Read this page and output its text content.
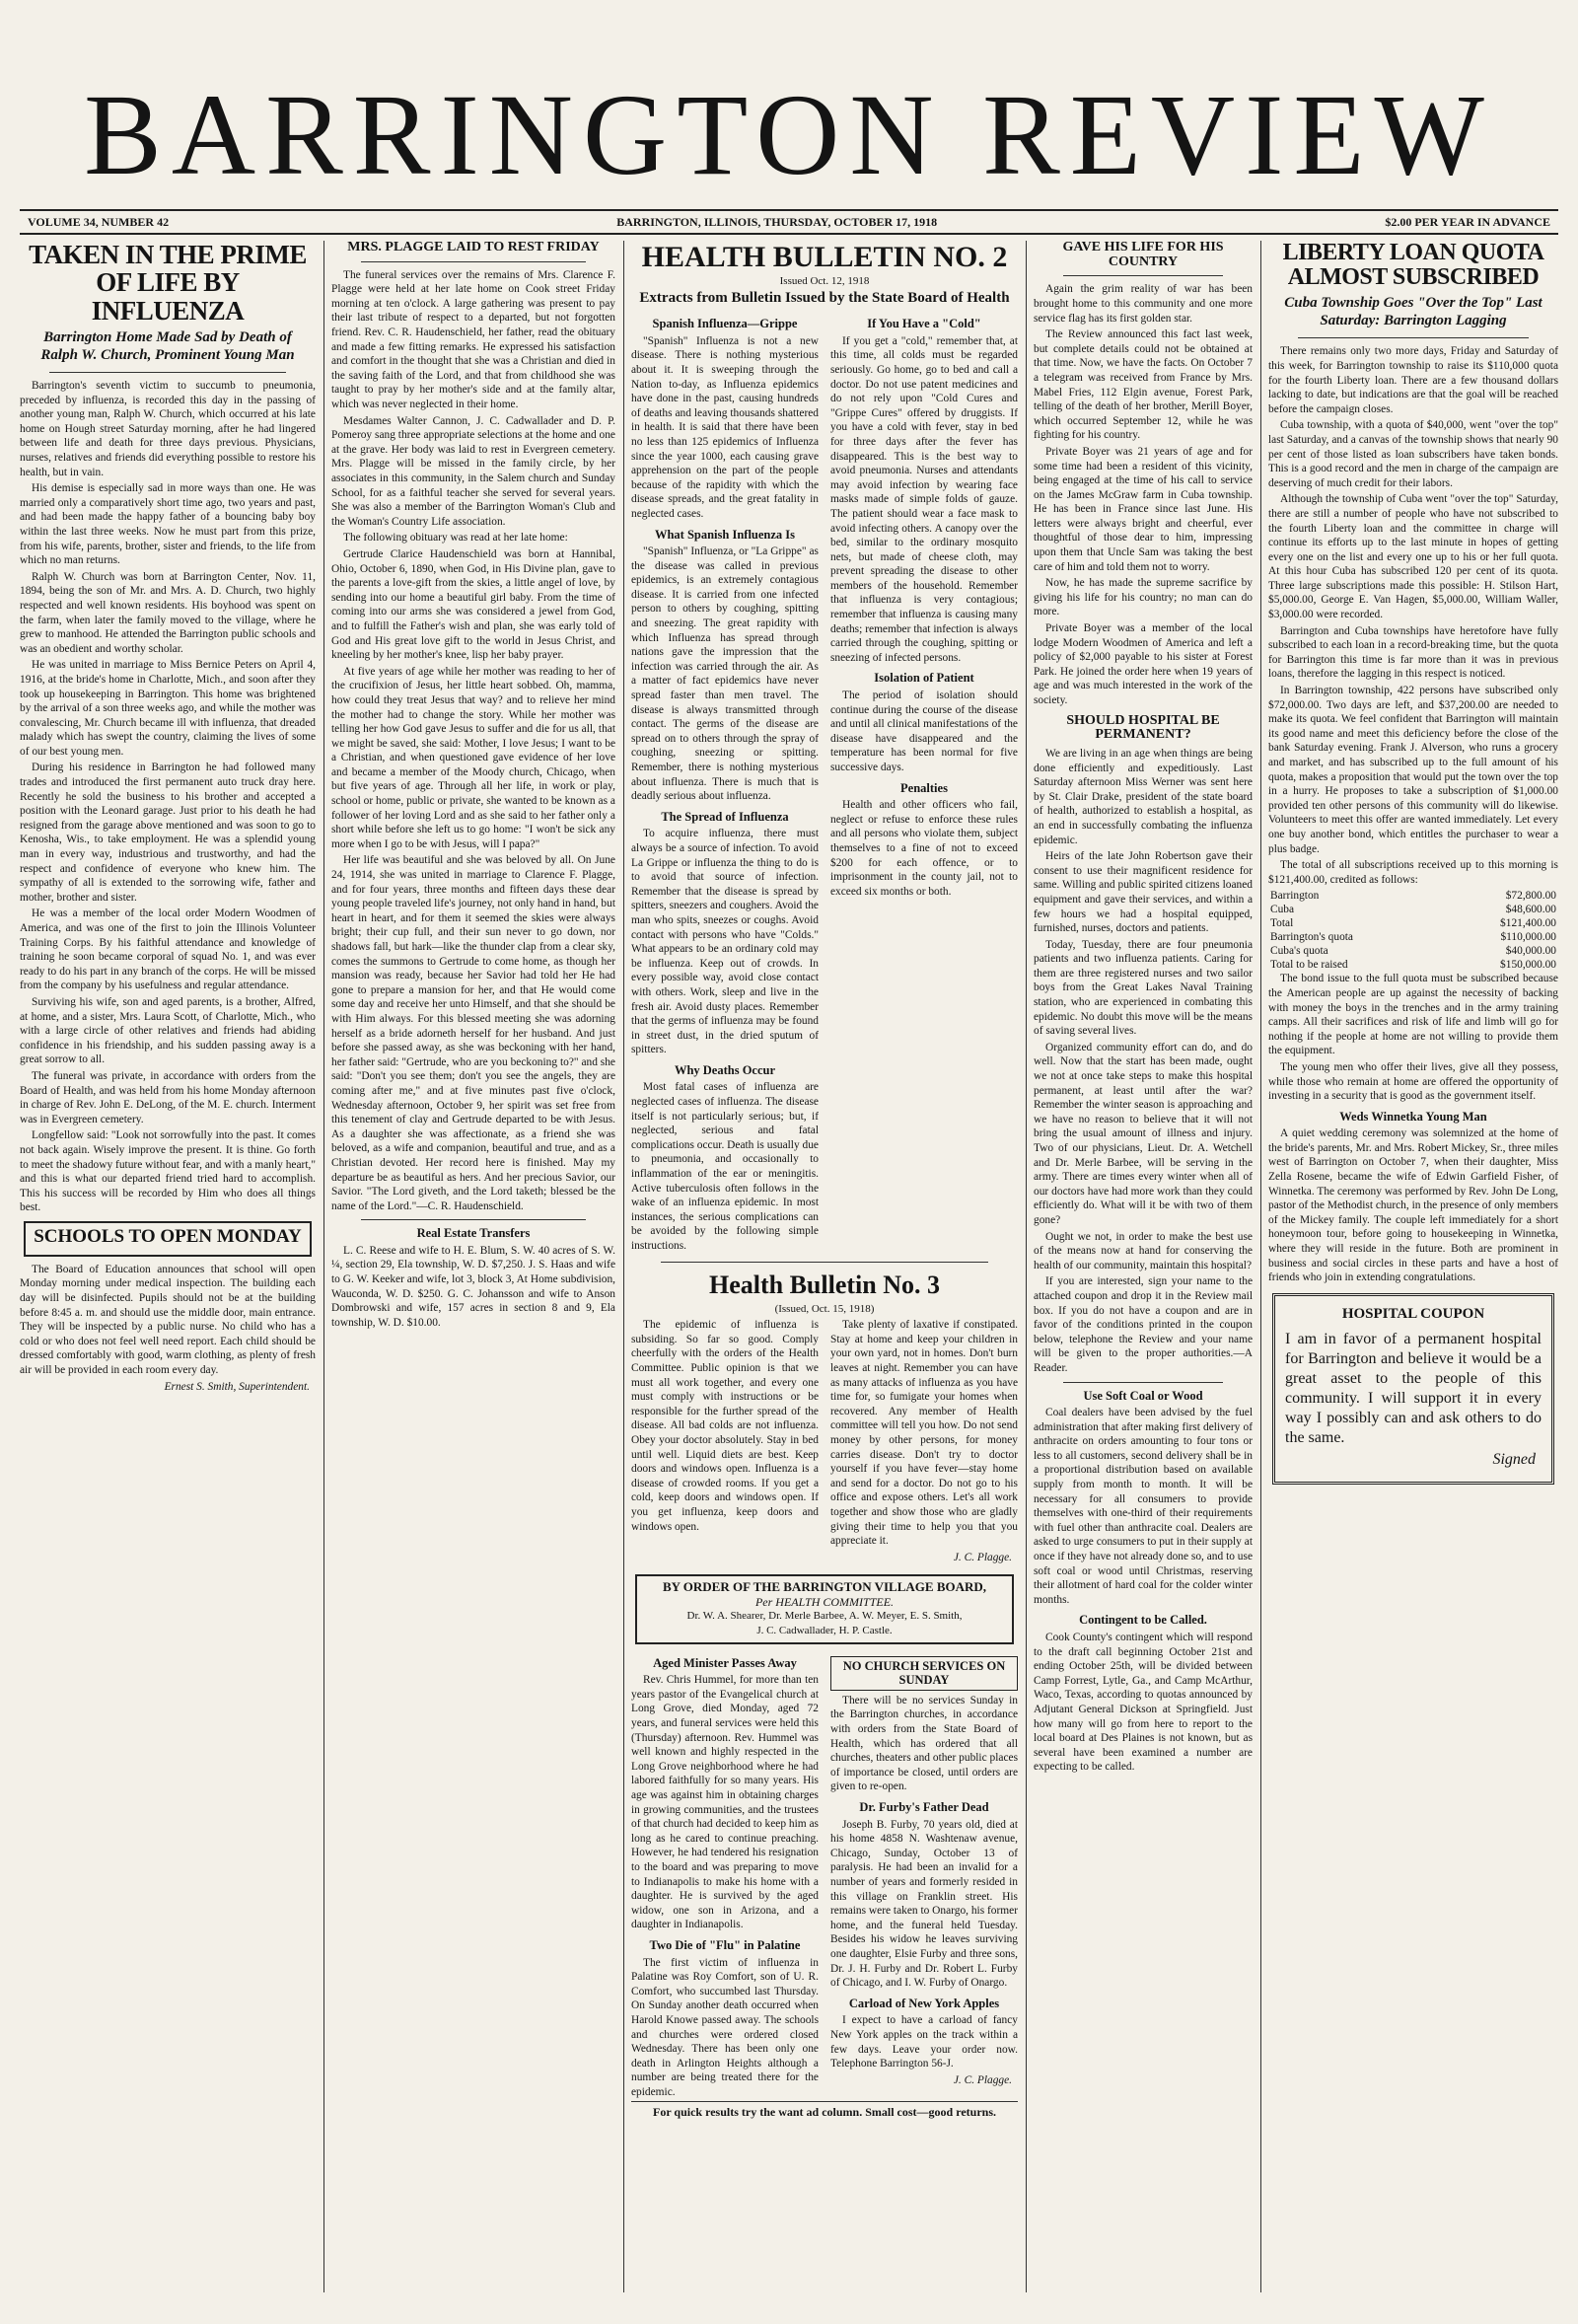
BARRINGTON REVIEW
VOLUME 34, NUMBER 42	BARRINGTON, ILLINOIS, THURSDAY, OCTOBER 17, 1918	$2.00 PER YEAR IN ADVANCE
TAKEN IN THE PRIME OF LIFE BY INFLUENZA
Barrington Home Made Sad by Death of Ralph W. Church, Prominent Young Man

Barrington's seventh victim to succumb to pneumonia, preceded by influenza, is recorded this day in the passing of another young man, Ralph W. Church, which occurred at his late home on Hough street Saturday morning, after he had lingered between life and death for three days previous. Physicians, nurses, relatives and friends did everything possible to restore his health, but in vain.

His demise is especially sad in more ways than one. He was married only a comparatively short time ago, two years and past, and had been made the happy father of a bouncing baby boy within the last three weeks. Now he must part from this prize, from his wife, parents, brother, sister and friends, to the life from which no man returns.

Ralph W. Church was born at Barrington Center, Nov. 11, 1894, being the son of Mr. and Mrs. A. D. Church, two highly respected and well known residents. His boyhood was spent on the farm, when later the family moved to the village, where he grew to manhood. He attended the Barrington public schools and was an obedient and worthy scholar.

He was united in marriage to Miss Bernice Peters on April 4, 1916, at the bride's home in Charlotte, Mich., and soon after they took up housekeeping in Barrington. This home was brightened by the arrival of a son three weeks ago, and while the mother was convalescing, Mr. Church became ill with influenza, that dreaded malady which has swept the country, claiming the lives of some of our best young men.

During his residence in Barrington he had followed many trades and introduced the first permanent auto truck dray here. Recently he sold the business to his brother and accepted a position with the Leonard garage. Just prior to his death he had resigned from the garage above mentioned and was soon to go to Kenosha, Wis., to take employment. He was a splendid young man in every way, industrious and trustworthy, and had the respect and confidence of everyone who knew him. The sympathy of all is extended to the sorrowing wife, father and mother, brother and sister.

He was a member of the local order Modern Woodmen of America, and was one of the first to join the Illinois Volunteer Training Corps. By his faithful attendance and knowledge of training he soon became corporal of squad No. 1, and was ever ready to do his part in any branch of the corps. He will be missed from the company by his usefulness and regular attendance.

Surviving his wife, son and aged parents, is a brother, Alfred, at home, and a sister, Mrs. Laura Scott, of Charlotte, Mich., who with a large circle of other relatives and friends had abiding confidence in his friendship, and his sudden passing away is a great sorrow to all.

The funeral was private, in accordance with orders from the Board of Health, and was held from his home Monday afternoon in charge of Rev. John E. DeLong, of the M. E. church. Interment was in Evergreen cemetery.

Longfellow said: "Look not sorrowfully into the past. It comes not back again. Wisely improve the present. It is thine. Go forth to meet the shadowy future without fear, and with a manly heart," and this is what our departed friend tried hard to accomplish. This his success will be recorded by Him who does all things best.

SCHOOLS TO OPEN MONDAY

The Board of Education announces that school will open Monday morning under medical inspection. The building each day will be disinfected. Pupils should not be at the building before 8:45 a. m. and should use the middle door, main entrance. They will be inspected by a public nurse. No child who has a cold or who does not feel well need report. Each child should be dressed comfortably with good, warm clothing, as plenty of fresh air will be provided in each room every day.

Ernest S. Smith, Superintendent.
MRS. PLAGGE LAID TO REST FRIDAY

The funeral services over the remains of Mrs. Clarence F. Plagge were held at her late home on Cook street Friday morning at ten o'clock. A large gathering was present to pay their last tribute of respect to a departed, but not forgotten friend. Rev. C. R. Haudenschield, her father, read the obituary and made a few fitting remarks. He expressed his satisfaction and comfort in the thought that she was a Christian and died in the saving faith of the Lord, and that from childhood she was taught to pray by her mother's side and at the family altar, which was never neglected in their home.

Mesdames Walter Cannon, J. C. Cadwallader and D. P. Pomeroy sang three appropriate selections at the home and one at the grave. Her body was laid to rest in Evergreen cemetery. Mrs. Plagge will be missed in the family circle, by her associates in this community, in the Salem church and Sunday School, for as a faithful teacher she served for several years. She was also a member of the Barrington Woman's Club and the Woman's Country Life association.

The following obituary was read at her late home:

Gertrude Clarice Haudenschield was born at Hannibal, Ohio, October 6, 1890, when God, in His Divine plan, gave to the parents a love-gift from the skies, a little angel of love, by sending into our home a beautiful girl baby. From the time of coming into our arms she was considered a jewel from God, and to fulfill the Father's wish and plan, she was early told of God and His great love gift to the world in Jesus Christ, and kneeling by her mother's knee, lisp her baby prayer.

At five years of age while her mother was reading to her of the crucifixion of Jesus, her little heart sobbed. Oh, mamma, how could they treat Jesus that way? and to relieve her mind the mother had to change the story. While her mother was telling her how God gave Jesus to suffer and die for us all, that we might be saved, she said: Mother, I love Jesus; I want to be a Christian, and when questioned gave evidence of her love and became a member of the Moody church, Chicago, when but five years of age. Through all her life, in work or play, school or home, public or private, she wanted to be known as a follower of her loving Lord and as she said to her father only a short while before she left us to go home: "I won't be sick any more when I go to be with Jesus, will I papa?"

Her life was beautiful and she was beloved by all. On June 24, 1914, she was united in marriage to Clarence F. Plagge, and for four years, three months and fifteen days these dear young people traveled life's journey, not only hand in hand, but heart in heart, and for them it seemed the skies were always bright; their cup full, and their sun never to go down, nor shadows fall, but hark—like the thunder clap from a clear sky, comes the summons to Gertrude to come home, as though her mansion was ready, because her Savior had told her He had gone to prepare a mansion for her, and that He would come some day and receive her unto Himself, and that she should be with Him always. For this blessed meeting she was adorning herself as a bride adorneth herself for her husband. And just before she passed away, as she was beckoning with her hand, her father said: "Gertrude, who are you beckoning to?" and she said: "Don't you see them; don't you see the angels, they are coming after me," and at five minutes past five o'clock, Wednesday afternoon, October 9, her spirit was set free from this tenement of clay and Gertrude departed to be with Jesus. As a daughter she was affectionate, as a friend she was beloved, as a wife and companion, beautiful and true, and as a Christian devoted. Her record here is finished. May my departure be as beautiful as hers. And her precious Savior, our Savior. "The Lord giveth, and the Lord taketh; blessed be the name of the Lord."—C. R. Haudenschield.

Real Estate Transfers

L. C. Reese and wife to H. E. Blum, S. W. 40 acres of S. W. ¼, section 29, Ela township, W. D. $7,250. J. S. Haas and wife to G. W. Keeker and wife, lot 3, block 3, At Home subdivision, Wauconda, W. D. $250. G. C. Johansson and wife to Anson Dombrowski and wife, 157 acres in section 8 and 9, Ela township, W. D. $10.00.

HEALTH BULLETIN NO. 2
Issued Oct. 12, 1918
Extracts from Bulletin Issued by the State Board of Health
Spanish Influenza—Grippe

"Spanish" Influenza is not a new disease. There is nothing mysterious about it. It is sweeping through the Nation to-day, as Influenza epidemics have done in the past, causing hundreds of deaths and leaving thousands shattered in health. It is said that there have been no less than 125 epidemics of Influenza since the year 1000, each causing grave apprehension on the part of the people because of the rapidity with which the disease spreads, and the great fatality in neglected cases.

What Spanish Influenza Is

"Spanish" Influenza, or "La Grippe" as the disease was called in previous epidemics, is an extremely contagious disease. It is carried from one infected person to others by coughing, spitting and sneezing. The great rapidity with which Influenza has spread through nations gave the impression that the infection was carried through the air. As a matter of fact epidemics have never spread faster than men travel. The disease is always transmitted through contact. The germs of the disease are spread on to others through the spray of coughing, sneezing or spitting. Remember, there is nothing mysterious about influenza. There is much that is deadly serious about influenza.

The Spread of Influenza

To acquire influenza, there must always be a source of infection. To avoid La Grippe or influenza the thing to do is to avoid that source of infection. Remember that the disease is spread by spitters, sneezers and coughers. Avoid the man who spits, sneezes or coughs. Avoid contact with persons who have "Colds." What appears to be an ordinary cold may be influenza. Keep out of crowds. In every possible way, avoid close contact with others. Work, sleep and live in the fresh air. Avoid dusty places. Remember that the germs of influenza may be found in street dust, in the dried sputum of spitters.

Why Deaths Occur

Most fatal cases of influenza are neglected cases of influenza. The disease itself is not particularly serious; but, if neglected, serious and fatal complications occur. Death is usually due to pneumonia, and occasionally to inflammation of the ear or meningitis. Active tuberculosis often follows in the wake of an influenza epidemic. In most instances, the serious complications can be avoided by the following simple instructions.

If You Have a "Cold"

If you get a "cold," remember that, at this time, all colds must be regarded seriously. Go home, go to bed and call a doctor. Do not use patent medicines and do not rely upon "Cold Cures and "Grippe Cures" offered by druggists. If you have a cold with fever, stay in bed for three days after the fever has disappeared. This is the best way to avoid pneumonia. Nurses and attendants may avoid infection by wearing face masks made of simple folds of gauze. The patient should wear a face mask to avoid infecting others. A canopy over the bed, similar to the ordinary mosquito nets, but made of cheese cloth, may prevent spreading the disease to other members of the household. Remember that influenza is very contagious; remember that influenza is causing many deaths; remember that infection is always carried through the coughing, spitting or sneezing of infected persons.

Isolation of Patient

The period of isolation should continue during the course of the disease and until all clinical manifestations of the disease have disappeared and the temperature has been normal for five successive days.

Penalties

Health and other officers who fail, neglect or refuse to enforce these rules and all persons who violate them, subject themselves to a fine of not to exceed $200 for each offence, or to imprisonment in the county jail, not to exceed six months or both.

Health Bulletin No. 3
(Issued, Oct. 15, 1918)

The epidemic of influenza is subsiding. So far so good. Comply cheerfully with the orders of the Health Committee. Public opinion is that we must all work together, and every one must comply with instructions or be responsible for the further spread of the disease. All bad colds are not influenza. Obey your doctor absolutely. Stay in bed until well. Liquid diets are best. Keep doors and windows open. Influenza is a disease of crowded rooms. If you get a cold, keep doors and windows open. If you get influenza, keep doors and windows open.

Take plenty of laxative if constipated. Stay at home and keep your children in your own yard, not in homes. Don't burn leaves at night. Remember you can have as many attacks of influenza as you have time for, so fumigate your homes when recovered. Any member of Health committee will tell you how. Do not send money by other persons, for money carries disease. Don't try to doctor yourself if you have fever—stay home and send for a doctor. Do not go to his office and expose others. Let's all work together and show those who are gladly giving their time to help you that you appreciate it.

J. C. Plagge.
BY ORDER OF THE BARRINGTON VILLAGE BOARD,
Per HEALTH COMMITTEE.
Dr. W. A. Shearer, Dr. Merle Barbee, A. W. Meyer, E. S. Smith,
J. C. Cadwallader, H. P. Castle.
Aged Minister Passes Away

Rev. Chris Hummel, for more than ten years pastor of the Evangelical church at Long Grove, died Monday, aged 72 years, and funeral services were held this (Thursday) afternoon. Rev. Hummel was well known and highly respected in the Long Grove neighborhood where he had labored faithfully for so many years. His age was against him in obtaining charges in growing communities, and the trustees of that church had decided to keep him as long as he cared to continue preaching. However, he had tendered his resignation to the board and was preparing to move to Indianapolis to make his home with a daughter. He is survived by the aged widow, one son in Arizona, and a daughter in Indianapolis.

Two Die of "Flu" in Palatine

The first victim of influenza in Palatine was Roy Comfort, son of U. R. Comfort, who succumbed last Thursday. On Sunday another death occurred when Harold Knowe passed away. The schools and churches were ordered closed Wednesday. There has been only one death in Arlington Heights although a number are being treated there for the epidemic.

NO CHURCH SERVICES ON SUNDAY

There will be no services Sunday in the Barrington churches, in accordance with orders from the State Board of Health, which has ordered that all churches, theaters and other public places of importance be closed, until orders are given to re-open.

Dr. Furby's Father Dead

Joseph B. Furby, 70 years old, died at his home 4858 N. Washtenaw avenue, Chicago, Sunday, October 13 of paralysis. He had been an invalid for a number of years and formerly resided in this village on Franklin street. His remains were taken to Onargo, his former home, and the funeral held Tuesday. Besides his widow he leaves surviving one daughter, Elsie Furby and three sons, Dr. J. H. Furby and Dr. Robert L. Furby of Chicago, and I. W. Furby of Onargo.

Carload of New York Apples

I expect to have a carload of fancy New York apples on the track within a few days. Leave your order now. Telephone Barrington 56-J.

J. C. Plagge.
For quick results try the want ad column. Small cost—good returns.
GAVE HIS LIFE FOR HIS COUNTRY

Again the grim reality of war has been brought home to this community and one more service flag has its first golden star.

The Review announced this fact last week, but complete details could not be obtained at that time. Now, we have the facts. On October 7 a telegram was received from France by Mrs. Mabel Fries, 112 Elgin avenue, Forest Park, telling of the death of her brother, Merill Boyer, which occurred September 12, while he was fighting for his country.

Private Boyer was 21 years of age and for some time had been a resident of this vicinity, being engaged at the time of his call to service on the James McGraw farm in Cuba township. He has been in France since last June. His letters were always bright and cheerful, ever thoughtful of those dear to him, impressing upon them that Uncle Sam was taking the best care of him and told them not to worry.

Now, he has made the supreme sacrifice by giving his life for his country; no man can do more.

Private Boyer was a member of the local lodge Modern Woodmen of America and left a policy of $2,000 payable to his sister at Forest Park. He joined the order here when 19 years of age and was much interested in the work of the society.

SHOULD HOSPITAL BE PERMANENT?

We are living in an age when things are being done efficiently and expeditiously. Last Saturday afternoon Miss Werner was sent here by St. Clair Drake, president of the state board of health, authorized to establish a hospital, as an end in successfully combating the influenza epidemic.

Heirs of the late John Robertson gave their consent to use their magnificent residence for same. Willing and public spirited citizens loaned equipment and gave their services, and within a few hours we had a hospital equipped, furnished, nurses, doctors and patients.

Today, Tuesday, there are four pneumonia patients and two influenza patients. Caring for them are three registered nurses and two sailor boys from the Great Lakes Naval Training station, who are experienced in combating this epidemic. No doubt this move will be the means of saving several lives.

Organized community effort can do, and do well. Now that the start has been made, ought we not at once take steps to make this hospital permanent, at least until after the war? Remember the winter season is approaching and we have no reason to believe that it will not bring the usual amount of illness and injury. Two of our physicians, Lieut. Dr. A. Wetchell and Dr. Merle Barbee, will be serving in the army. There are times every winter when all of our doctors have had more work than they could efficiently do. What will it be with two of them gone?

Ought we not, in order to make the best use of the means now at hand for conserving the health of our community, maintain this hospital?

If you are interested, sign your name to the attached coupon and drop it in the Review mail box. If you do not have a coupon and are in favor of the conditions printed in the coupon below, telephone the Review and your name will be given to the proper authorities.—A Reader.

Use Soft Coal or Wood

Coal dealers have been advised by the fuel administration that after making first delivery of anthracite on orders amounting to four tons or less to all customers, second delivery shall be in a proportional distribution based on available supply from month to month. It will be necessary for all consumers to provide themselves with one-third of their requirements with fuel other than anthracite coal. Dealers are asked to urge consumers to put in their supply at once if they have not already done so, and to use soft coal or wood until Christmas, reserving their allotment of hard coal for the colder winter months.

Contingent to be Called.

Cook County's contingent which will respond to the draft call beginning October 21st and ending October 25th, will be divided between Camp Forrest, Lytle, Ga., and Camp McArthur, Waco, Texas, according to quotas announced by Adjutant General Dickson at Springfield. Just how many will go from here to report to the local board at Des Plaines is not known, but as several have been examined a number are expecting to be called.

LIBERTY LOAN QUOTA ALMOST SUBSCRIBED
Cuba Township Goes "Over the Top" Last Saturday: Barrington Lagging

There remains only two more days, Friday and Saturday of this week, for Barrington township to raise its $110,000 quota for the fourth Liberty loan. There are a few thousand dollars lacking to date, but indications are that the goal will be reached before the campaign closes.

Cuba township, with a quota of $40,000, went "over the top" last Saturday, and a canvas of the township shows that nearly 90 per cent of those listed as loan subscribers have taken bonds. This is a good record and the men in charge of the campaign are deserving of much credit for their labors.

Although the township of Cuba went "over the top" Saturday, there are still a number of people who have not subscribed to the fourth Liberty loan and the committee in charge will continue its efforts up to the last minute in hopes of getting every one on the list and every one up to his or her full quota. At this hour Cuba has subscribed 120 per cent of its quota. Three large subscriptions made this possible: H. Stilson Hart, $5,000.00, George E. Van Hagen, $5,000.00, William Waller, $3,000.00 were recorded.

Barrington and Cuba townships have heretofore have fully subscribed to each loan in a record-breaking time, but the quota for Barrington this time is far more than it was in previous loans, therefore the lagging in this respect is noticed.

In Barrington township, 422 persons have subscribed only $72,000.00. Two days are left, and $37,200.00 are needed to make its quota. We feel confident that Barrington will maintain its good name and meet this deficiency before the close of the bank Saturday evening. Frank J. Alverson, who runs a grocery and market, and has subscribed up to the full amount of his quota, makes a proposition that would put the town over the top in a hurry. He proposes to take a subscription of $1,000.00 provided ten other persons of this community will do likewise. Volunteers to meet this offer are wanted immediately. Let every one buy another bond, which entitles the purchaser to wear a plus badge.

The total of all subscriptions received up to this morning is $121,400.00, credited as follows:

Barrington	$72,800.00
Cuba	$48,600.00
Total	$121,400.00
Barrington's quota	$110,000.00
Cuba's quota	$40,000.00
Total to be raised	$150,000.00

The bond issue to the full quota must be subscribed because the American people are up against the necessity of backing with money the boys in the trenches and in the army training camps. All their sacrifices and risk of life and limb will go for nothing if the people at home are not willing to provide them the equipment.

The young men who offer their lives, give all they possess, while those who remain at home are offered the opportunity of investing in a security that is good as the government itself.

Weds Winnetka Young Man

A quiet wedding ceremony was solemnized at the home of the bride's parents, Mr. and Mrs. Robert Mickey, Sr., three miles west of Barrington on October 7, when their daughter, Miss Zella Rosene, became the wife of Edwin Garfield Fisher, of Winnetka. The ceremony was performed by Rev. John De Long, pastor of the Methodist church, in the presence of only members of the Mickey family. The couple left immediately for a short honeymoon tour, before going to housekeeping in Winnetka, where they will reside in the future. Both are prominent in business and social circles in these parts and have a host of friends who join in extending congratulations.

HOSPITAL COUPON
I am in favor of a permanent hospital for Barrington and believe it would be a great asset to the people of this community. I will support it in every way I possibly can and ask others to do the same.
Signed
